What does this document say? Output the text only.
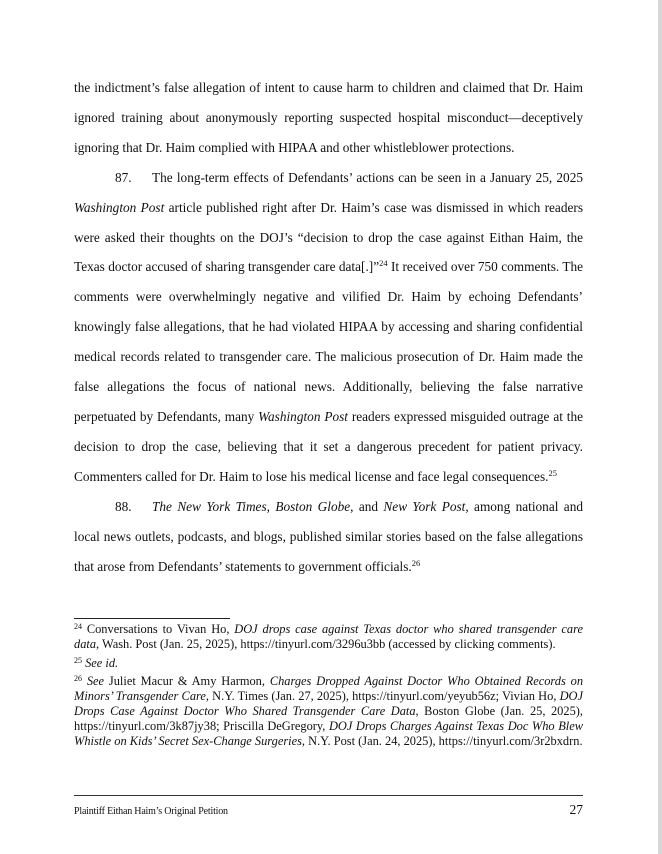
the indictment’s false allegation of intent to cause harm to children and claimed that Dr. Haim ignored training about anonymously reporting suspected hospital misconduct—deceptively ignoring that Dr. Haim complied with HIPAA and other whistleblower protections.

87. The long-term effects of Defendants’ actions can be seen in a January 25, 2025 Washington Post article published right after Dr. Haim’s case was dismissed in which readers were asked their thoughts on the DOJ’s “decision to drop the case against Eithan Haim, the Texas doctor accused of sharing transgender care data[.]”$^{24}$ It received over 750 comments. The comments were overwhelmingly negative and vilified Dr. Haim by echoing Defendants’ knowingly false allegations, that he had violated HIPAA by accessing and sharing confidential medical records related to transgender care. The malicious prosecution of Dr. Haim made the false allegations the focus of national news. Additionally, believing the false narrative perpetuated by Defendants, many Washington Post readers expressed misguided outrage at the decision to drop the case, believing that it set a dangerous precedent for patient privacy. Commenters called for Dr. Haim to lose his medical license and face legal consequences.$^{25}$

88. The New York Times, Boston Globe, and New York Post, among national and local news outlets, podcasts, and blogs, published similar stories based on the false allegations that arose from Defendants’ statements to government officials.$^{26}$

$^{24}$ Conversations to Vivan Ho, DOJ drops case against Texas doctor who shared transgender care data, Wash. Post (Jan. 25, 2025), https://tinyurl.com/3296u3bb (accessed by clicking comments).

$^{25}$ See id.

$^{26}$ See Juliet Macur & Amy Harmon, Charges Dropped Against Doctor Who Obtained Records on Minors’ Transgender Care, N.Y. Times (Jan. 27, 2025), https://tinyurl.com/yeyub56z; Vivian Ho, DOJ Drops Case Against Doctor Who Shared Transgender Care Data, Boston Globe (Jan. 25, 2025), https://tinyurl.com/3k87jy38; Priscilla DeGregory, DOJ Drops Charges Against Texas Doc Who Blew Whistle on Kids’ Secret Sex-Change Surgeries, N.Y. Post (Jan. 24, 2025), https://tinyurl.com/3r2bxdrn.

Plaintiff Eithan Haim’s Original Petition	27
